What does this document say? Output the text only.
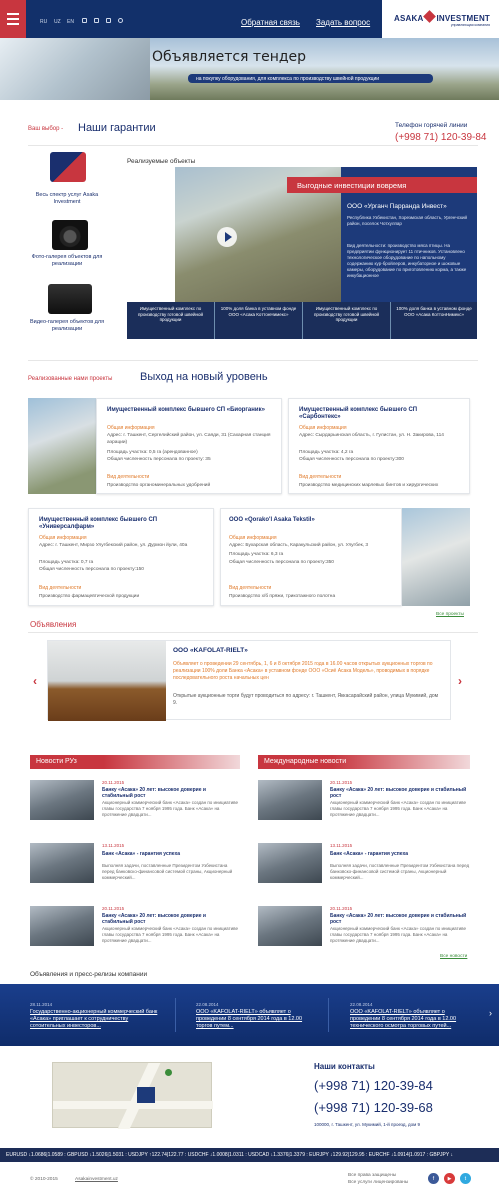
RU UZ EN	Обратная связь Задать вопрос	ASAKA INVESTMENT
управляющая компания
Объявляется тендер
на покупку оборудования, для комплекса по производству швейной продукции
Ваш выбор - Наши гарантии	Телефон горячей линии
(+998 71) 120-39-84
Весь спектр услуг Asaka Investment
Фото-галерея объектов для реализации
Видео-галерея объектов для реализации
Реализуемые объекты
Выгодные инвестиции вовремя
ООО «Урганч Парранда Инвест»
Республика Узбекистан, Хорезмская область, Ургенчский район, поселок Чотхулпар
Вид деятельности: производство мяса птицы. На предприятии функционирует 11 птичников. Установлено технологическое оборудование по напольному содержанию кур-бройлеров, инкубаторное и шоковые камеры, оборудование по приготовлению корма, а также инкубационное
Имущественный комплекс по производству готовой швейной продукции
100% доля банка в уставном фонде ООО «Асака КоттонНимекс»
Имущественный комплекс по производству готовой швейной продукции
100% доля банка в уставном фонде ООО «Асака КоттонНимекс»
Реализованные нами проекты	Выход на новый уровень
Имущественный комплекс бывшего СП «Биорганик»
Общая информация
Адрес: г. Ташкент, Сергелийский район, ул. Саяди, 31 (Сахарная станция аэрации)
Площадь участка: 0,5 га (арендованное)
Общая численность персонала по проекту: 35
Вид деятельности
Производство органоминеральных удобрений
Имущественный комплекс бывшего СП «Сарбонтекс»
Общая информация
Адрес: Сырдарьинская область, г. Гулистан, ул. Н. Закирова, 114
Площадь участка: 4,2 га
Общая численность персонала по проекту:300
Вид деятельности
Производство медицинских марлевых бинтов и хирургических
Имущественный комплекс бывшего СП «Универсалфарм»
Общая информация
Адрес: г. Ташкент, Мирзо Улугбекский район, ул. Дурмон йули, 40а
Площадь участка: 0,7 га
Общая численность персонала по проекту:150
Вид деятельности
Производство фармацевтической продукции
ООО «Qorako'l Asaka Tekstil»
Общая информация
Адрес: Бухарская область, Каракульский район, ул. Улугбек, 3
Площадь участка: 6,3 га
Общая численность персонала по проекту:350
Вид деятельности
Производство х/б пряжи, трикотажного полотна
Все проекты
Объявления
‹	›
ООО «KAFOLAT-RIELT»
Объявляет о проведении 29 сентябрь, 1, 6 и 8 октября 2015 года в 16.00 часов открытых аукционных торгов по реализации 100% доли Банка «Асака» в уставном фонде ООО «Осиё Асака Модель», проводимых в порядке последовательного роста начальных цен
Открытые аукционные торги будут проводиться по адресу: г. Ташкент, Яккасарайский район, улица Мукимий, дом 9.
Новости РУз	Международные новости
20.11.2015
Банку «Асака» 20 лет: высокое доверие и стабильный рост
Акционерный коммерческий банк «Асака» создан по инициативе главы государства 7 ноября 1995 года. Банк «Асака» на протяжение двадцати...
13.11.2015
Банк «Асака» - гарантия успеха
Выполняя задачи, поставленные Президентом Узбекистана перед банковско-финансовой системой страны, Акционерный коммерческий...
20.11.2015
Банку «Асака» 20 лет: высокое доверие и стабильный рост
Акционерный коммерческий банк «Асака» создан по инициативе главы государства 7 ноября 1995 года. Банк «Асака» на протяжение двадцати...
20.11.2015
Банку «Асака» 20 лет: высокое доверие и стабильный рост
Акционерный коммерческий банк «Асака» создан по инициативе главы государства 7 ноября 1995 года. Банк «Асака» на протяжение двадцати...
13.11.2015
Банк «Асака» - гарантия успеха
Выполняя задачи, поставленные Президентом Узбекистана перед банковско-финансовой системой страны, Акционерный коммерческий...
20.11.2015
Банку «Асака» 20 лет: высокое доверие и стабильный рост
Акционерный коммерческий банк «Асака» создан по инициативе главы государства 7 ноября 1995 года. Банк «Асака» на протяжение двадцати...
Все новости
Объявления и пресс-релизы компании
28.11.2014
Государственно-акционерный коммерческий банк «Асака» приглашает к сотрудничеству сотоительных инвесторов...
22.08.2014
ООО «KAFOLAT-RIELT» объявляет о проведении 8 сентября 2014 года в 12.00 торгов путем...
22.08.2014
ООО «KAFOLAT-RIELT» объявляет о проведении 8 сентября 2014 года в 12.00 технического осмотра торговых путей...
›
Наши контакты
(+998 71) 120-39-84
(+998 71) 120-39-68
100000, г. Ташкент, ул. Мукимий, 1-й проезд, дом 9
EURUSD ↓1.0686|1.0589 : GBPUSD ↓1.5026|1.5031 : USDJPY ↑122.74|122.77 : USDCHF ↓1.0008|1.0311 : USDCAD ↓1.3376|1.3379 : EURJPY ↓129.92|129.95 : EURCHF ↓1.0914|1.0917 : GBPJPY ↓
© 2010-2015	Asakainvestment.uz
Все права защищены
Все услуги лицензированы
f	▶	t
